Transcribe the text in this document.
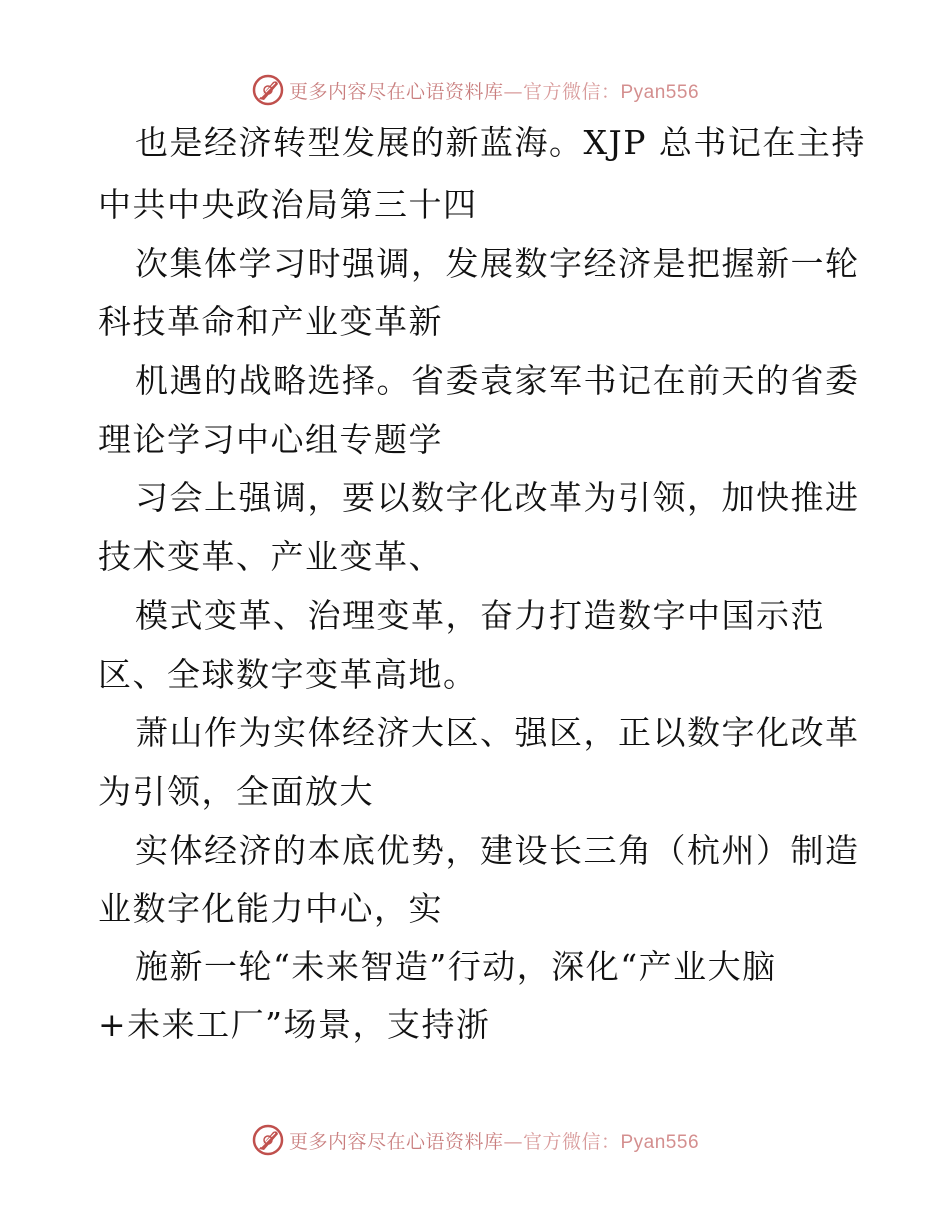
更多内容尽在心语资料库—官方微信：Pyan556
也是经济转型发展的新蓝海。XJP 总书记在主持
中共中央政治局第三十四
次集体学习时强调，发展数字经济是把握新一轮
科技革命和产业变革新
机遇的战略选择。省委袁家军书记在前天的省委
理论学习中心组专题学
习会上强调，要以数字化改革为引领，加快推进
技术变革、产业变革、
模式变革、治理变革，奋力打造数字中国示范
区、全球数字变革高地。
萧山作为实体经济大区、强区，正以数字化改革
为引领，全面放大
实体经济的本底优势，建设长三角（杭州）制造
业数字化能力中心，实
施新一轮“未来智造”行动，深化“产业大脑
+未来工厂”场景，支持浙
更多内容尽在心语资料库—官方微信：Pyan556
